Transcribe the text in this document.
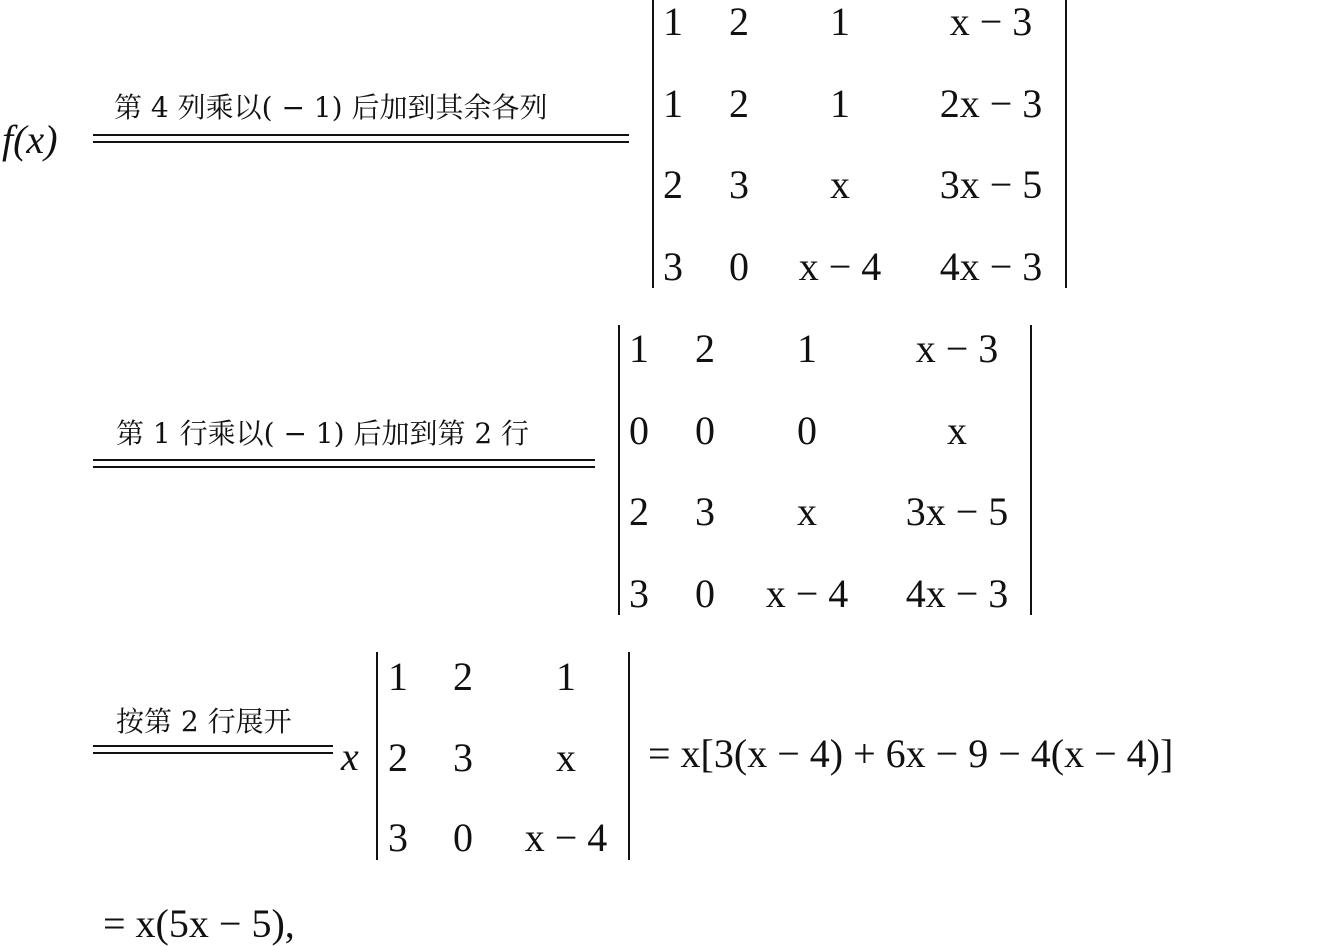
f(x)
第 4 列乘以( − 1) 后加到其余各列
1 2 1 x − 3
1 2 1 2x − 3
2 3 x 3x − 5
3 0 x − 4 4x − 3
第 1 行乘以( − 1) 后加到第 2 行
1 2 1 x − 3
0 0 0	x
2 3 x 3x − 5
3 0 x − 4 4x − 3
按第 2 行展开
x
1 2 1
2 3 x
3 0 x − 4
= x[3(x − 4) + 6x − 9 − 4(x − 4)]
= x(5x − 5),
